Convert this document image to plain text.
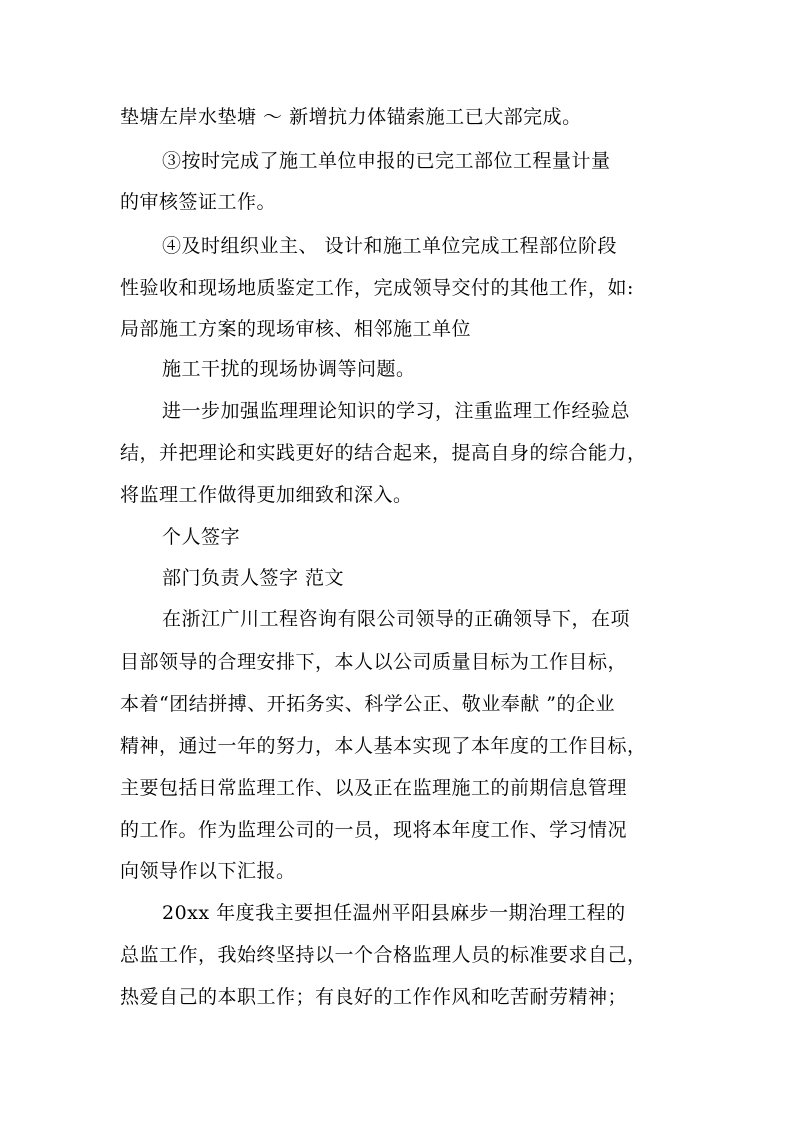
垫塘左岸水垫塘 ～ 新增抗力体锚索施工已大部完成。
③按时完成了施工单位申报的已完工部位工程量计量
的审核签证工作。
④及时组织业主、 设计和施工单位完成工程部位阶段
性验收和现场地质鉴定工作，完成领导交付的其他工作，如:
局部施工方案的现场审核、相邻施工单位
施工干扰的现场协调等问题。
进一步加强监理理论知识的学习，注重监理工作经验总
结，并把理论和实践更好的结合起来，提高自身的综合能力，
将监理工作做得更加细致和深入。
个人签字
部门负责人签字 范文
在浙江广川工程咨询有限公司领导的正确领导下，在项
目部领导的合理安排下，本人以公司质量目标为工作目标，
本着“团结拼搏、开拓务实、科学公正、敬业奉献 ”的企业
精神，通过一年的努力，本人基本实现了本年度的工作目标，
主要包括日常监理工作、以及正在监理施工的前期信息管理
的工作。作为监理公司的一员，现将本年度工作、学习情况
向领导作以下汇报。
20xx 年度我主要担任温州平阳县麻步一期治理工程的
总监工作，我始终坚持以一个合格监理人员的标准要求自己，
热爱自己的本职工作；有良好的工作作风和吃苦耐劳精神；
